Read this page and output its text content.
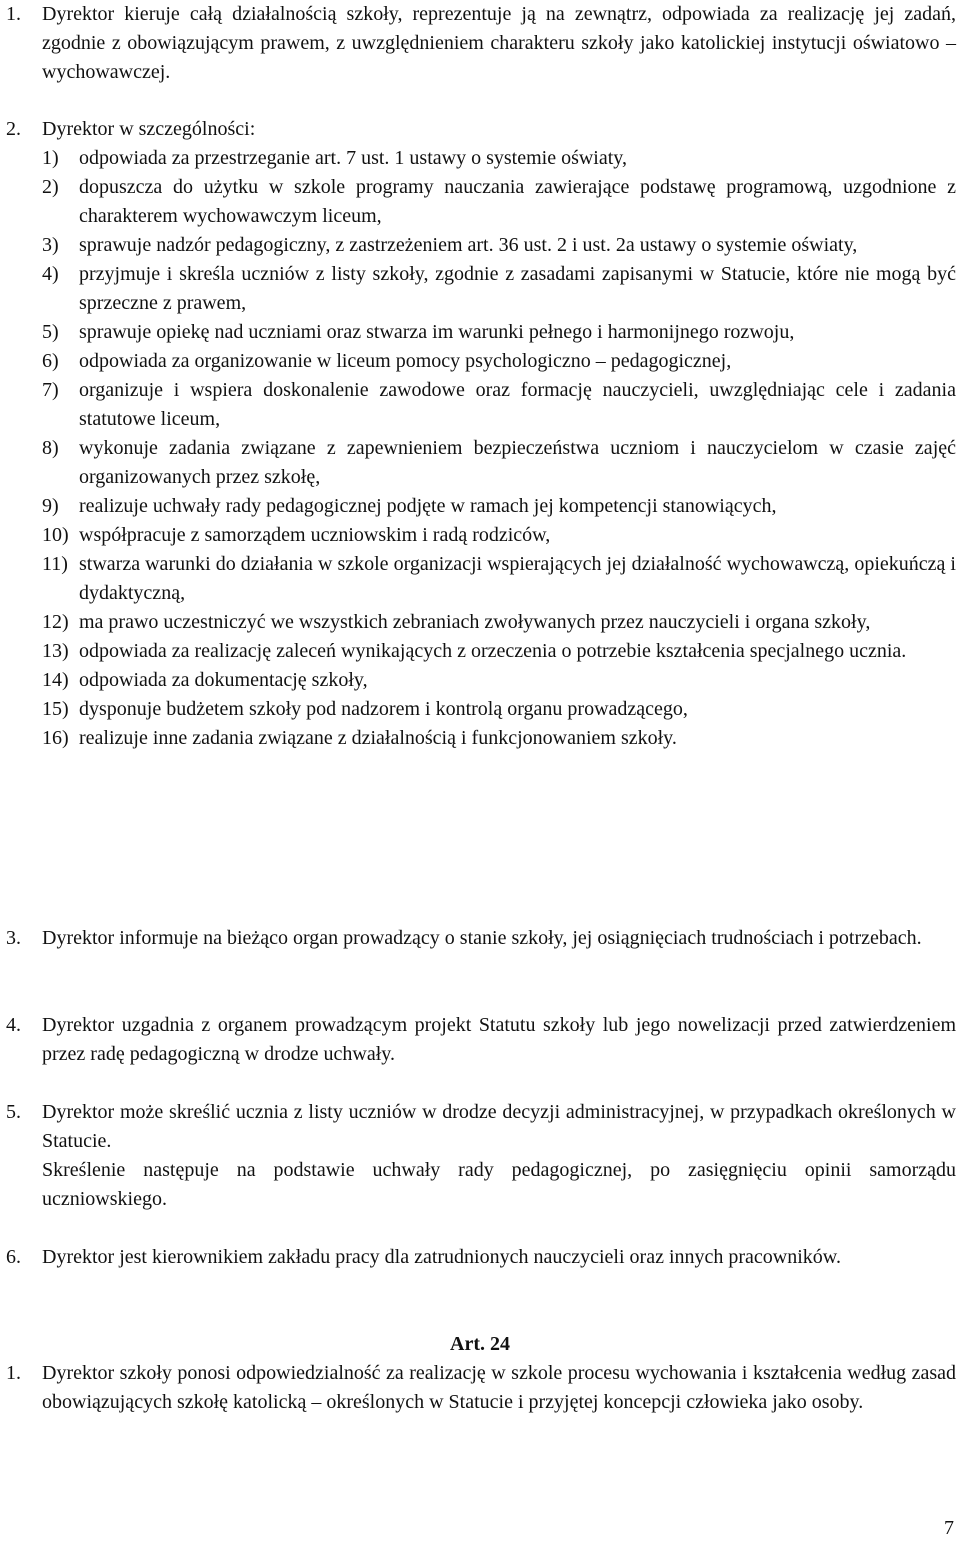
1. Dyrektor kieruje całą działalnością szkoły, reprezentuje ją na zewnątrz, odpowiada za realizację jej zadań, zgodnie z obowiązującym prawem, z uwzględnieniem charakteru szkoły jako katolickiej instytucji oświatowo – wychowawczej.
2. Dyrektor w szczególności:
1) odpowiada za przestrzeganie art. 7 ust. 1 ustawy o systemie oświaty,
2) dopuszcza do użytku w szkole programy nauczania zawierające podstawę programową, uzgodnione z charakterem wychowawczym liceum,
3) sprawuje nadzór pedagogiczny, z zastrzeżeniem art. 36 ust. 2 i ust. 2a ustawy o systemie oświaty,
4) przyjmuje i skreśla uczniów z listy szkoły, zgodnie z zasadami zapisanymi w Statucie, które nie mogą być sprzeczne z prawem,
5) sprawuje opiekę nad uczniami oraz stwarza im warunki pełnego i harmonijnego rozwoju,
6) odpowiada za organizowanie w liceum pomocy psychologiczno – pedagogicznej,
7) organizuje i wspiera doskonalenie zawodowe oraz formację nauczycieli, uwzględniając cele i zadania statutowe liceum,
8) wykonuje zadania związane z zapewnieniem bezpieczeństwa uczniom i nauczycielom w czasie zajęć organizowanych przez szkołę,
9) realizuje uchwały rady pedagogicznej podjęte w ramach jej kompetencji stanowiących,
10) współpracuje z samorządem uczniowskim i radą rodziców,
11) stwarza warunki do działania w szkole organizacji wspierających jej działalność wychowawczą, opiekuńczą i dydaktyczną,
12) ma prawo uczestniczyć we wszystkich zebraniach zwoływanych przez nauczycieli i organa szkoły,
13) odpowiada za realizację zaleceń wynikających z orzeczenia o potrzebie kształcenia specjalnego ucznia.
14) odpowiada za dokumentację szkoły,
15) dysponuje budżetem szkoły pod nadzorem i kontrolą organu prowadzącego,
16) realizuje inne zadania związane z działalnością i funkcjonowaniem szkoły.
3. Dyrektor informuje na bieżąco organ prowadzący o stanie szkoły, jej osiągnięciach trudnościach i potrzebach.
4. Dyrektor uzgadnia z organem prowadzącym projekt Statutu szkoły lub jego nowelizacji przed zatwierdzeniem przez radę pedagogiczną w drodze uchwały.
5. Dyrektor może skreślić ucznia z listy uczniów w drodze decyzji administracyjnej, w przypadkach określonych w Statucie.
Skreślenie następuje na podstawie uchwały rady pedagogicznej, po zasięgnięciu opinii samorządu uczniowskiego.
6. Dyrektor jest kierownikiem zakładu pracy dla zatrudnionych nauczycieli oraz innych pracowników.
Art. 24
1. Dyrektor szkoły ponosi odpowiedzialność za realizację w szkole procesu wychowania i kształcenia według zasad obowiązujących szkołę katolicką – określonych w Statucie i przyjętej koncepcji człowieka jako osoby.
7
